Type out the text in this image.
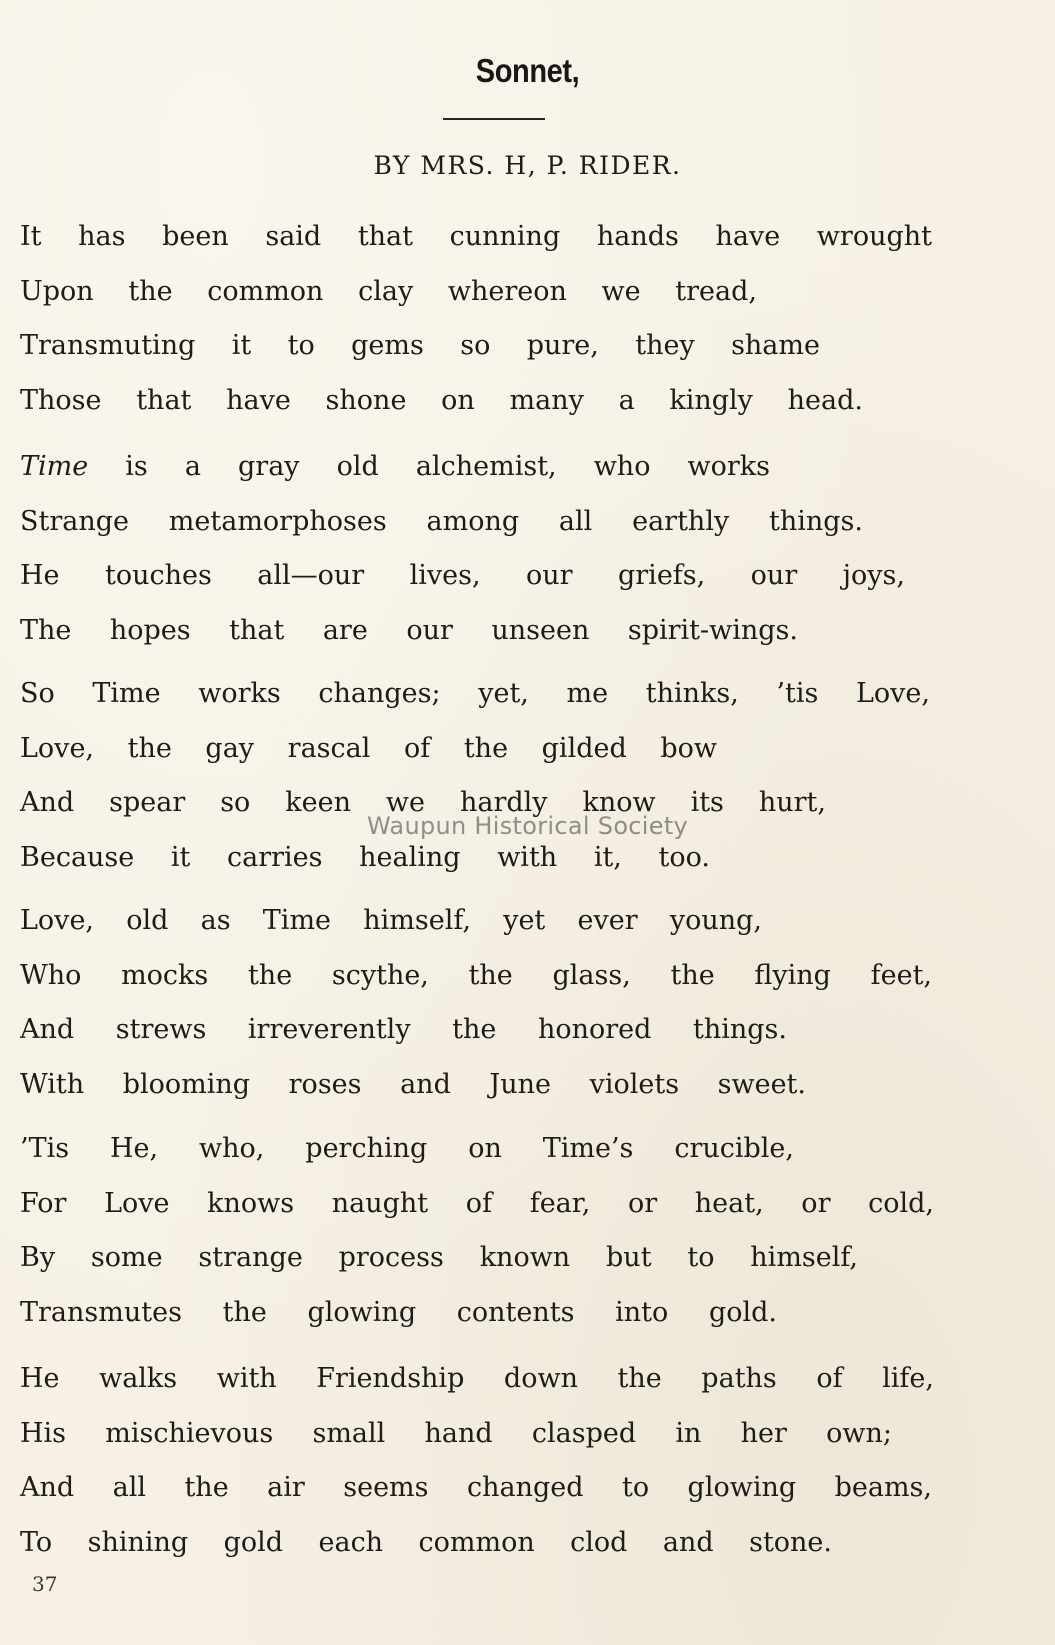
Sonnet,
BY MRS. H, P. RIDER.
It has been said that cunning hands have wrought
Upon the common clay whereon we tread,
Transmuting it to gems so pure, they shame
Those that have shone on many a kingly head.
Time is a gray old alchemist, who works
Strange metamorphoses among all earthly things.
He touches all—our lives, our griefs, our joys,
The hopes that are our unseen spirit-wings.
So Time works changes; yet, me thinks, ’tis Love,
Love, the gay rascal of the gilded bow
And spear so keen we hardly know its hurt,
Because it carries healing with it, too.
Love, old as Time himself, yet ever young,
Who mocks the scythe, the glass, the flying feet,
And strews irreverently the honored things.
With blooming roses and June violets sweet.
’Tis He, who, perching on Time’s crucible,
For Love knows naught of fear, or heat, or cold,
By some strange process known but to himself,
Transmutes the glowing contents into gold.
He walks with Friendship down the paths of life,
His mischievous small hand clasped in her own;
And all the air seems changed to glowing beams,
To shining gold each common clod and stone.
Waupun Historical Society
37
